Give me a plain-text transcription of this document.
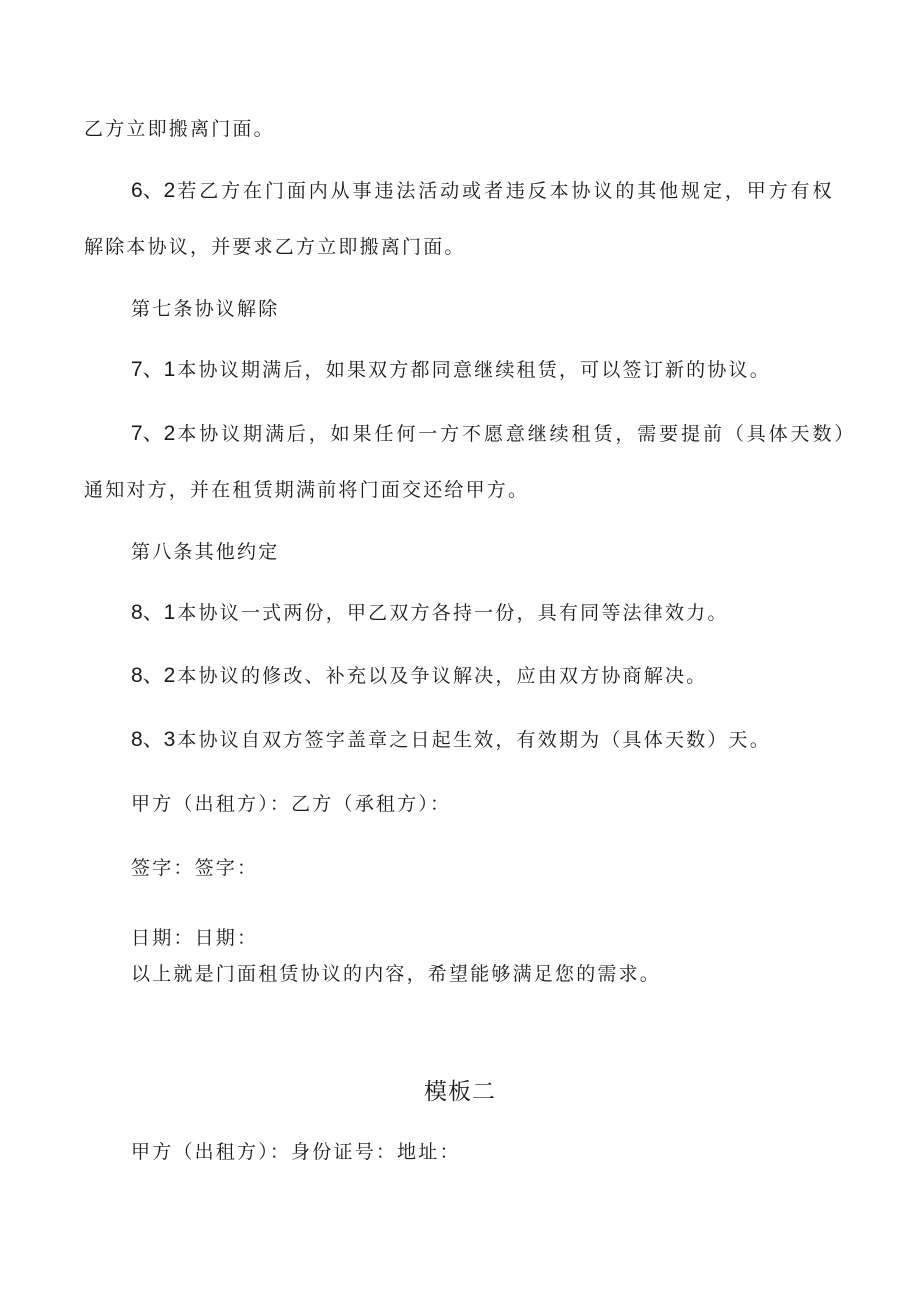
乙方立即搬离门面。
6、2 若乙方在门面内从事违法活动或者违反本协议的其他规定，甲方有权
解除本协议，并要求乙方立即搬离门面。
第七条协议解除
7、1 本协议期满后，如果双方都同意继续租赁，可以签订新的协议。
7、2 本协议期满后，如果任何一方不愿意继续租赁，需要提前（具体天数）
通知对方，并在租赁期满前将门面交还给甲方。
第八条其他约定
8、1 本协议一式两份，甲乙双方各持一份，具有同等法律效力。
8、2 本协议的修改、补充以及争议解决，应由双方协商解决。
8、3 本协议自双方签字盖章之日起生效，有效期为（具体天数）天。
甲方（出租方）：乙方（承租方）：
签字：签字：
日期：日期：
以上就是门面租赁协议的内容，希望能够满足您的需求。
模板二
甲方（出租方）：身份证号：地址：
